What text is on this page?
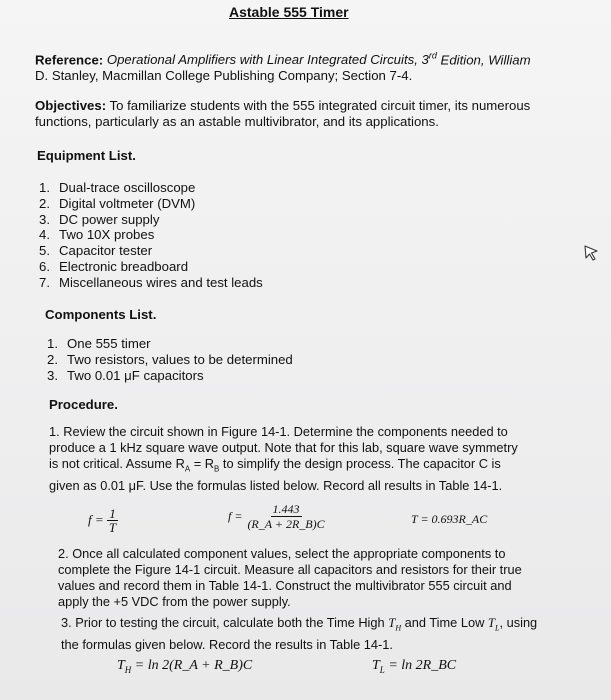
Astable 555 Timer
Reference: Operational Amplifiers with Linear Integrated Circuits, 3rd Edition, William
D. Stanley, Macmillan College Publishing Company; Section 7-4.
Objectives: To familiarize students with the 555 integrated circuit timer, its numerous
functions, particularly as an astable multivibrator, and its applications.
Equipment List.
1. Dual-trace oscilloscope
2. Digital voltmeter (DVM)
3. DC power supply
4. Two 10X probes
5. Capacitor tester
6. Electronic breadboard
7. Miscellaneous wires and test leads
Components List.
1. One 555 timer
2. Two resistors, values to be determined
3. Two 0.01 μF capacitors
Procedure.
1. Review the circuit shown in Figure 14-1. Determine the components needed to
produce a 1 kHz square wave output. Note that for this lab, square wave symmetry
is not critical. Assume $R_A = R_B$ to simplify the design process. The capacitor C is
given as 0.01 μF. Use the formulas listed below. Record all results in Table 14-1.
$f = \frac{1}{T}$	$f = \frac{1.443}{(R\_A + 2R\_B)C}$	T = 0.693R_AC
2. Once all calculated component values, select the appropriate components to
complete the Figure 14-1 circuit. Measure all capacitors and resistors for their true
values and record them in Table 14-1. Construct the multivibrator 555 circuit and
apply the +5 VDC from the power supply.
3. Prior to testing the circuit, calculate both the Time High $T_H$ and Time Low $T_L$, using
the formulas given below. Record the results in Table 14-1.
$T_H = \ln$ 2(R_A + R_B)C	$T_L = \ln$ 2R_BC
